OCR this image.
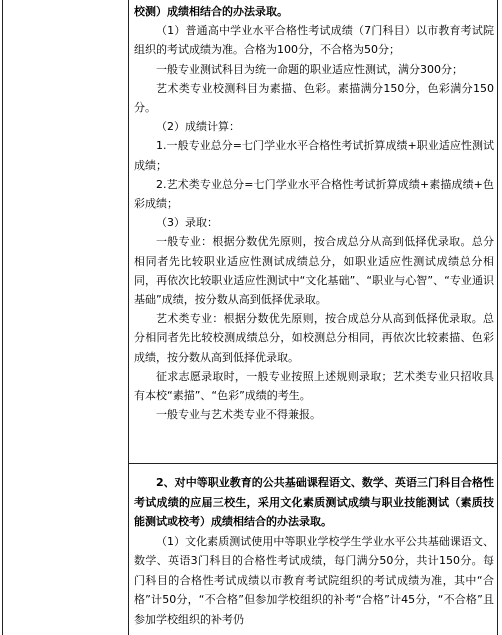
校测）成绩相结合的办法录取。

（1）普通高中学业水平合格性考试成绩（7门科目）以市教育考试院组织的考试成绩为准。合格为100分，不合格为50分；

一般专业测试科目为统一命题的职业适应性测试，满分300分；

艺术类专业校测科目为素描、色彩。素描满分150分，色彩满分150分。

（2）成绩计算：

1.一般专业总分=七门学业水平合格性考试折算成绩+职业适应性测试成绩；

2.艺术类专业总分=七门学业水平合格性考试折算成绩+素描成绩+色彩成绩；

（3）录取：

一般专业：根据分数优先原则，按合成总分从高到低择优录取。总分相同者先比较职业适应性测试成绩总分，如职业适应性测试成绩总分相同，再依次比较职业适应性测试中“文化基础”、“职业与心智”、“专业通识基础”成绩，按分数从高到低择优录取。

艺术类专业：根据分数优先原则，按合成总分从高到低择优录取。总分相同者先比较校测成绩总分，如校测总分相同，再依次比较素描、色彩成绩，按分数从高到低择优录取。

征求志愿录取时，一般专业按照上述规则录取；艺术类专业只招收具有本校“素描”、“色彩”成绩的考生。

一般专业与艺术类专业不得兼报。

2、对中等职业教育的公共基础课程语文、数学、英语三门科目合格性考试成绩的应届三校生，采用文化素质测试成绩与职业技能测试（素质技能测试或校考）成绩相结合的办法录取。

（1）文化素质测试使用中等职业学校学生学业水平公共基础课语文、数学、英语3门科目的合格性考试成绩，每门满分50分，共计150分。每门科目的合格性考试成绩以市教育考试院组织的考试成绩为准，其中“合格”计50分，“不合格”但参加学校组织的补考“合格”计45分，“不合格”且参加学校组织的补考仍
